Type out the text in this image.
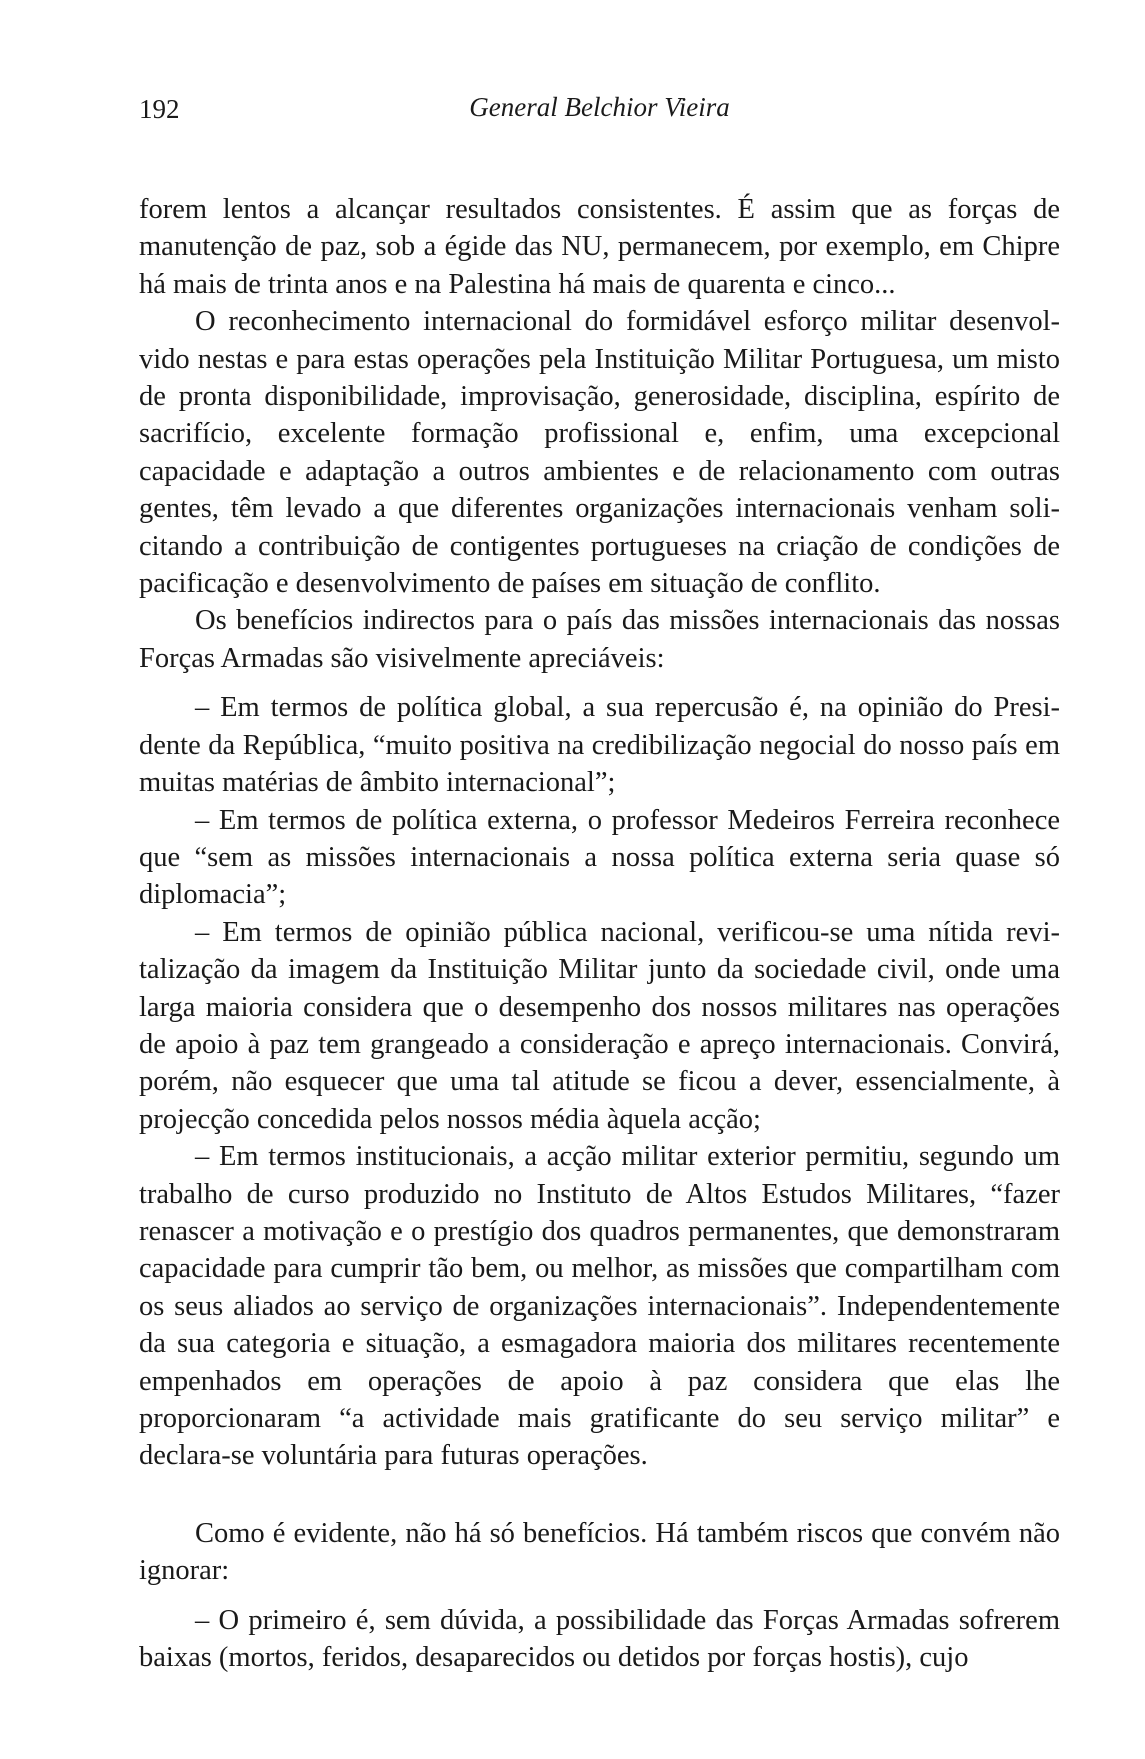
192	General Belchior Vieira

forem lentos a alcançar resultados consistentes. É assim que as forças de manutenção de paz, sob a égide das NU, permanecem, por exemplo, em Chipre há mais de trinta anos e na Palestina há mais de quarenta e cinco...

O reconhecimento internacional do formidável esforço militar desenvolvido nestas e para estas operações pela Instituição Militar Portuguesa, um misto de pronta disponibilidade, improvisação, generosidade, disciplina, espírito de sacrifício, excelente formação profissional e, enfim, uma excepcional capacidade e adaptação a outros ambientes e de relacionamento com outras gentes, têm levado a que diferentes organizações internacionais venham solicitando a contribuição de contigentes portugueses na criação de condições de pacificação e desenvolvimento de países em situação de conflito.

Os benefícios indirectos para o país das missões internacionais das nossas Forças Armadas são visivelmente apreciáveis:

– Em termos de política global, a sua repercusão é, na opinião do Presidente da República, “muito positiva na credibilização negocial do nosso país em muitas matérias de âmbito internacional”;

– Em termos de política externa, o professor Medeiros Ferreira reconhece que “sem as missões internacionais a nossa política externa seria quase só diplomacia”;

– Em termos de opinião pública nacional, verificou-se uma nítida revitalização da imagem da Instituição Militar junto da sociedade civil, onde uma larga maioria considera que o desempenho dos nossos militares nas operações de apoio à paz tem grangeado a consideração e apreço internacionais. Convirá, porém, não esquecer que uma tal atitude se ficou a dever, essencialmente, à projecção concedida pelos nossos média àquela acção;

– Em termos institucionais, a acção militar exterior permitiu, segundo um trabalho de curso produzido no Instituto de Altos Estudos Militares, “fazer renascer a motivação e o prestígio dos quadros permanentes, que demonstraram capacidade para cumprir tão bem, ou melhor, as missões que compartilham com os seus aliados ao serviço de organizações internacionais”. Independentemente da sua categoria e situação, a esmagadora maioria dos militares recentemente empenhados em operações de apoio à paz considera que elas lhe proporcionaram “a actividade mais gratificante do seu serviço militar” e declara-se voluntária para futuras operações.

Como é evidente, não há só benefícios. Há também riscos que convém não ignorar:

– O primeiro é, sem dúvida, a possibilidade das Forças Armadas sofrerem baixas (mortos, feridos, desaparecidos ou detidos por forças hostis), cujo
